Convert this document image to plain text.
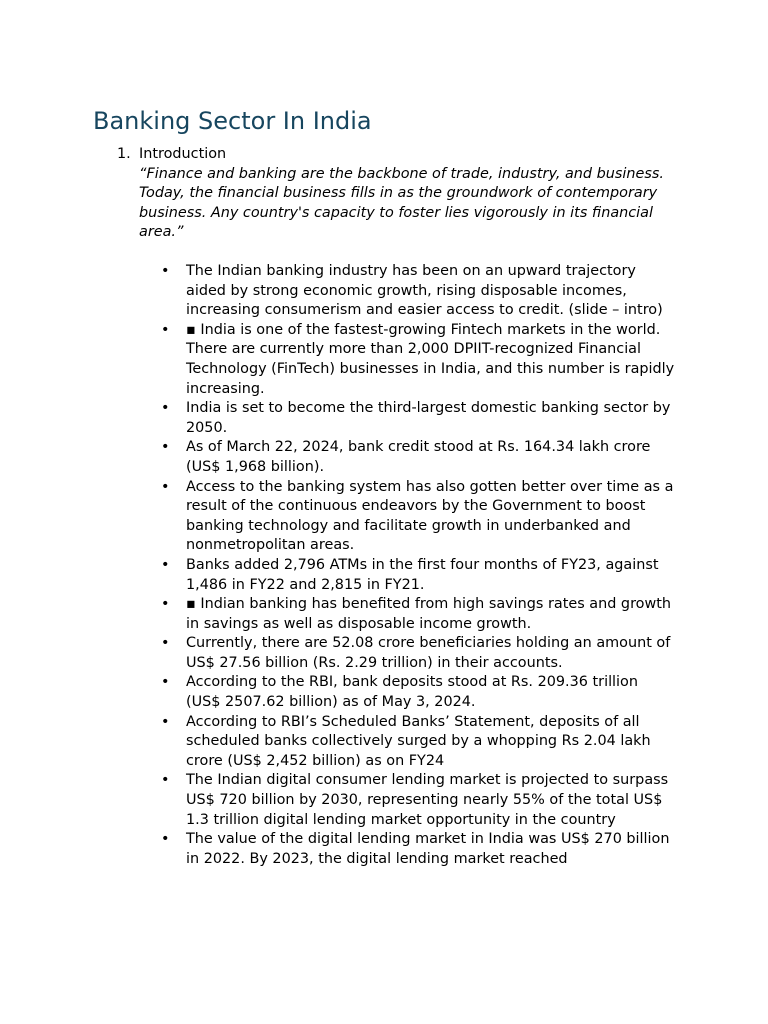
Banking Sector In India
1. Introduction
“Finance and banking are the backbone of trade, industry, and business. Today, the financial business fills in as the groundwork of contemporary business. Any country's capacity to foster lies vigorously in its financial area.”
• The Indian banking industry has been on an upward trajectory aided by strong economic growth, rising disposable incomes, increasing consumerism and easier access to credit. (slide – intro)
• ▪ India is one of the fastest-growing Fintech markets in the world. There are currently more than 2,000 DPIIT-recognized Financial Technology (FinTech) businesses in India, and this number is rapidly increasing.
• India is set to become the third-largest domestic banking sector by 2050.
• As of March 22, 2024, bank credit stood at Rs. 164.34 lakh crore (US$ 1,968 billion).
• Access to the banking system has also gotten better over time as a result of the continuous endeavors by the Government to boost banking technology and facilitate growth in underbanked and nonmetropolitan areas.
• Banks added 2,796 ATMs in the first four months of FY23, against 1,486 in FY22 and 2,815 in FY21.
• ▪ Indian banking has benefited from high savings rates and growth in savings as well as disposable income growth.
• Currently, there are 52.08 crore beneficiaries holding an amount of US$ 27.56 billion (Rs. 2.29 trillion) in their accounts.
• According to the RBI, bank deposits stood at Rs. 209.36 trillion (US$ 2507.62 billion) as of May 3, 2024.
• According to RBI’s Scheduled Banks’ Statement, deposits of all scheduled banks collectively surged by a whopping Rs 2.04 lakh crore (US$ 2,452 billion) as on FY24
• The Indian digital consumer lending market is projected to surpass US$ 720 billion by 2030, representing nearly 55% of the total US$ 1.3 trillion digital lending market opportunity in the country
• The value of the digital lending market in India was US$ 270 billion in 2022. By 2023, the digital lending market reached
